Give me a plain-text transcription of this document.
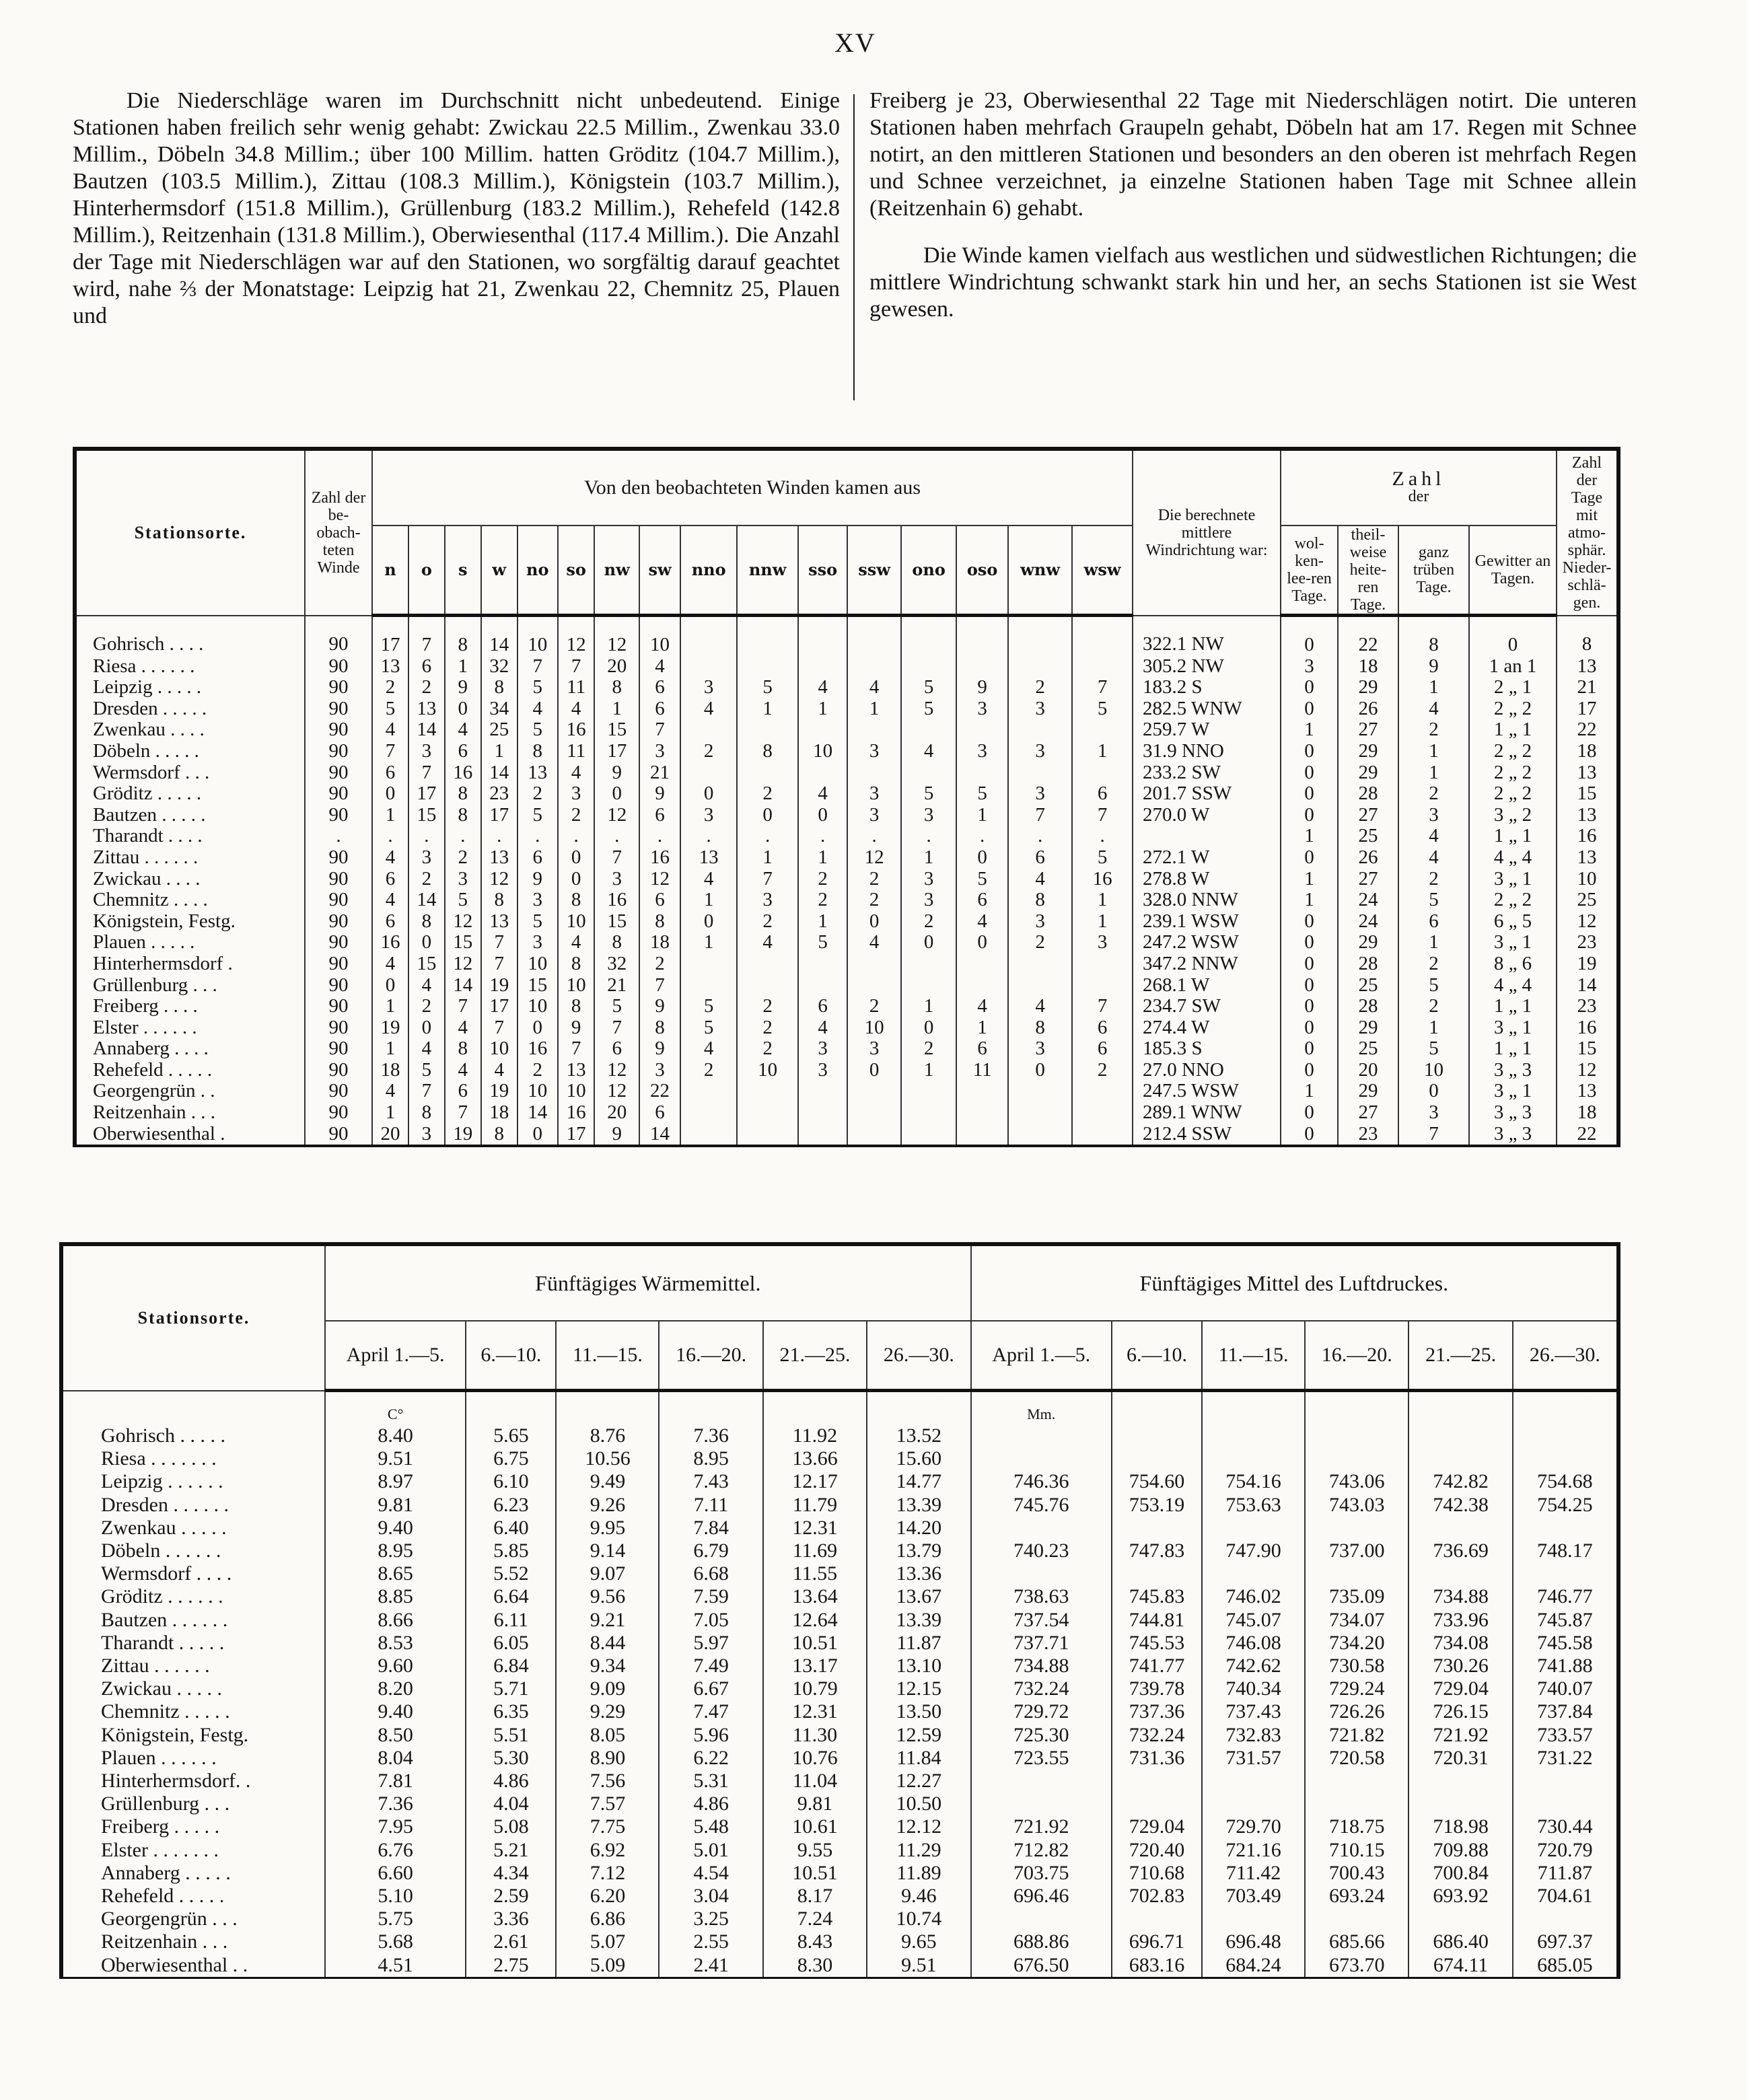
XV

Die Niederschläge waren im Durchschnitt nicht unbedeutend. Einige Stationen haben freilich sehr wenig gehabt: Zwickau 22.5 Millim., Zwenkau 33.0 Millim., Döbeln 34.8 Millim.; über 100 Millim. hatten Gröditz (104.7 Millim.), Bautzen (103.5 Millim.), Zittau (108.3 Millim.), Königstein (103.7 Millim.), Hinterhermsdorf (151.8 Millim.), Grüllenburg (183.2 Millim.), Rehefeld (142.8 Millim.), Reitzenhain (131.8 Millim.), Oberwiesenthal (117.4 Millim.). Die Anzahl der Tage mit Niederschlägen war auf den Stationen, wo sorgfältig darauf geachtet wird, nahe ⅔ der Monatstage: Leipzig hat 21, Zwenkau 22, Chemnitz 25, Plauen und

Freiberg je 23, Oberwiesenthal 22 Tage mit Niederschlägen notirt. Die unteren Stationen haben mehrfach Graupeln gehabt, Döbeln hat am 17. Regen mit Schnee notirt, an den mittleren Stationen und besonders an den oberen ist mehrfach Regen und Schnee verzeichnet, ja einzelne Stationen haben Tage mit Schnee allein (Reitzenhain 6) gehabt.

Die Winde kamen vielfach aus westlichen und südwestlichen Richtungen; die mittlere Windrichtung schwankt stark hin und her, an sechs Stationen ist sie West gewesen.

Stationsorte.	Zahl der be-obach-teten Winde	Von den beobachteten Winden kamen aus																Die berechnete mittlere Windrichtung war:	Zahl
der				Zahl der Tage mit atmo-sphär. Nieder-schlä-gen.
		n	o	s	w	no	so	nw	sw	nno	nnw	sso	ssw	ono	oso	wnw	wsw		wol-ken-lee-ren Tage.	theil-weise heite-ren Tage.	ganz trüben Tage.	Gewitter an Tagen.	
Gohrisch . . . .	90	17	7	8	14	10	12	12	10									322.1 NW	0	22	8	0	8
Riesa . . . . . .	90	13	6	1	32	7	7	20	4									305.2 NW	3	18	9	1 an 1	13
Leipzig . . . . .	90	2	2	9	8	5	11	8	6	3	5	4	4	5	9	2	7	183.2 S	0	29	1	2 „ 1	21
Dresden . . . . .	90	5	13	0	34	4	4	1	6	4	1	1	1	5	3	3	5	282.5 WNW	0	26	4	2 „ 2	17
Zwenkau . . . .	90	4	14	4	25	5	16	15	7									259.7 W	1	27	2	1 „ 1	22
Döbeln . . . . .	90	7	3	6	1	8	11	17	3	2	8	10	3	4	3	3	1	31.9 NNO	0	29	1	2 „ 2	18
Wermsdorf . . .	90	6	7	16	14	13	4	9	21									233.2 SW	0	29	1	2 „ 2	13
Gröditz . . . . .	90	0	17	8	23	2	3	0	9	0	2	4	3	5	5	3	6	201.7 SSW	0	28	2	2 „ 2	15
Bautzen . . . . .	90	1	15	8	17	5	2	12	6	3	0	0	3	3	1	7	7	270.0 W	0	27	3	3 „ 2	13
Tharandt . . . .	.	.	.	.	.	.	.	.	.	.	.	.	.	.	.	.	.		1	25	4	1 „ 1	16
Zittau . . . . . .	90	4	3	2	13	6	0	7	16	13	1	1	12	1	0	6	5	272.1 W	0	26	4	4 „ 4	13
Zwickau . . . .	90	6	2	3	12	9	0	3	12	4	7	2	2	3	5	4	16	278.8 W	1	27	2	3 „ 1	10
Chemnitz . . . .	90	4	14	5	8	3	8	16	6	1	3	2	2	3	6	8	1	328.0 NNW	1	24	5	2 „ 2	25
Königstein, Festg.	90	6	8	12	13	5	10	15	8	0	2	1	0	2	4	3	1	239.1 WSW	0	24	6	6 „ 5	12
Plauen . . . . .	90	16	0	15	7	3	4	8	18	1	4	5	4	0	0	2	3	247.2 WSW	0	29	1	3 „ 1	23
Hinterhermsdorf .	90	4	15	12	7	10	8	32	2									347.2 NNW	0	28	2	8 „ 6	19
Grüllenburg . . .	90	0	4	14	19	15	10	21	7									268.1 W	0	25	5	4 „ 4	14
Freiberg . . . .	90	1	2	7	17	10	8	5	9	5	2	6	2	1	4	4	7	234.7 SW	0	28	2	1 „ 1	23
Elster . . . . . .	90	19	0	4	7	0	9	7	8	5	2	4	10	0	1	8	6	274.4 W	0	29	1	3 „ 1	16
Annaberg . . . .	90	1	4	8	10	16	7	6	9	4	2	3	3	2	6	3	6	185.3 S	0	25	5	1 „ 1	15
Rehefeld . . . . .	90	18	5	4	4	2	13	12	3	2	10	3	0	1	11	0	2	27.0 NNO	0	20	10	3 „ 3	12
Georgengrün . .	90	4	7	6	19	10	10	12	22									247.5 WSW	1	29	0	3 „ 1	13
Reitzenhain . . .	90	1	8	7	18	14	16	20	6									289.1 WNW	0	27	3	3 „ 3	18
Oberwiesenthal .	90	20	3	19	8	0	17	9	14									212.4 SSW	0	23	7	3 „ 3	22
Stationsorte.	Fünftägiges Wärmemittel.						Fünftägiges Mittel des Luftdruckes.					
	April 1.—5.	6.—10.	11.—15.	16.—20.	21.—25.	26.—30.	April 1.—5.	6.—10.	11.—15.	16.—20.	21.—25.	26.—30.
	C°						Mm.					
Gohrisch . . . . .	8.40	5.65	8.76	7.36	11.92	13.52						
Riesa . . . . . . .	9.51	6.75	10.56	8.95	13.66	15.60						
Leipzig . . . . . .	8.97	6.10	9.49	7.43	12.17	14.77	746.36	754.60	754.16	743.06	742.82	754.68
Dresden . . . . . .	9.81	6.23	9.26	7.11	11.79	13.39	745.76	753.19	753.63	743.03	742.38	754.25
Zwenkau . . . . .	9.40	6.40	9.95	7.84	12.31	14.20						
Döbeln . . . . . .	8.95	5.85	9.14	6.79	11.69	13.79	740.23	747.83	747.90	737.00	736.69	748.17
Wermsdorf . . . .	8.65	5.52	9.07	6.68	11.55	13.36						
Gröditz . . . . . .	8.85	6.64	9.56	7.59	13.64	13.67	738.63	745.83	746.02	735.09	734.88	746.77
Bautzen . . . . . .	8.66	6.11	9.21	7.05	12.64	13.39	737.54	744.81	745.07	734.07	733.96	745.87
Tharandt . . . . .	8.53	6.05	8.44	5.97	10.51	11.87	737.71	745.53	746.08	734.20	734.08	745.58
Zittau . . . . . .	9.60	6.84	9.34	7.49	13.17	13.10	734.88	741.77	742.62	730.58	730.26	741.88
Zwickau . . . . .	8.20	5.71	9.09	6.67	10.79	12.15	732.24	739.78	740.34	729.24	729.04	740.07
Chemnitz . . . . .	9.40	6.35	9.29	7.47	12.31	13.50	729.72	737.36	737.43	726.26	726.15	737.84
Königstein, Festg.	8.50	5.51	8.05	5.96	11.30	12.59	725.30	732.24	732.83	721.82	721.92	733.57
Plauen . . . . . .	8.04	5.30	8.90	6.22	10.76	11.84	723.55	731.36	731.57	720.58	720.31	731.22
Hinterhermsdorf. .	7.81	4.86	7.56	5.31	11.04	12.27						
Grüllenburg . . .	7.36	4.04	7.57	4.86	9.81	10.50						
Freiberg . . . . .	7.95	5.08	7.75	5.48	10.61	12.12	721.92	729.04	729.70	718.75	718.98	730.44
Elster . . . . . . .	6.76	5.21	6.92	5.01	9.55	11.29	712.82	720.40	721.16	710.15	709.88	720.79
Annaberg . . . . .	6.60	4.34	7.12	4.54	10.51	11.89	703.75	710.68	711.42	700.43	700.84	711.87
Rehefeld . . . . .	5.10	2.59	6.20	3.04	8.17	9.46	696.46	702.83	703.49	693.24	693.92	704.61
Georgengrün . . .	5.75	3.36	6.86	3.25	7.24	10.74						
Reitzenhain . . .	5.68	2.61	5.07	2.55	8.43	9.65	688.86	696.71	696.48	685.66	686.40	697.37
Oberwiesenthal . .	4.51	2.75	5.09	2.41	8.30	9.51	676.50	683.16	684.24	673.70	674.11	685.05
